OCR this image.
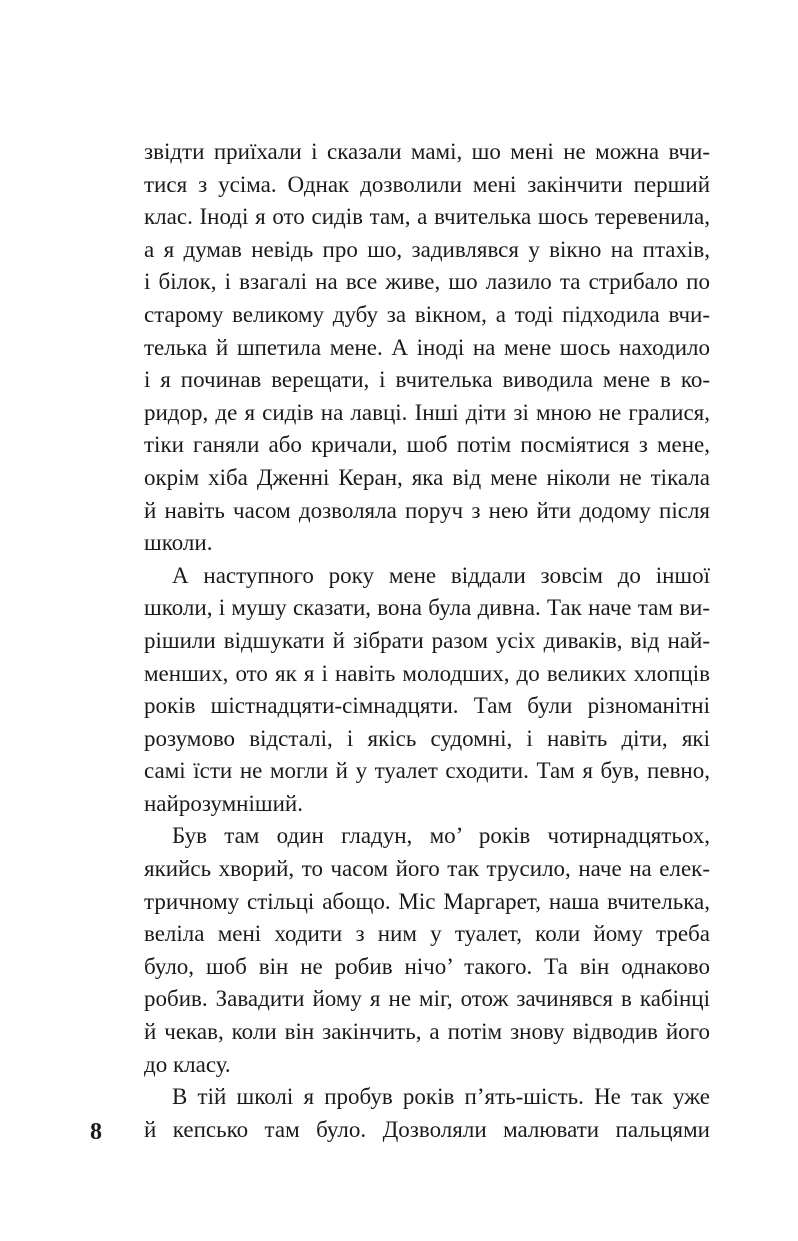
звідти приїхали і сказали мамі, шо мені не можна вчи-
тися з усіма. Однак дозволили мені закінчити перший
клас. Іноді я ото сидів там, а вчителька шось теревенила,
а я думав невідь про шо, задивлявся у вікно на птахів,
і білок, і взагалі на все живе, шо лазило та стрибало по
старому великому дубу за вікном, а тоді підходила вчи-
телька й шпетила мене. А іноді на мене шось находило
і я починав верещати, і вчителька виводила мене в ко-
ридор, де я сидів на лавці. Інші діти зі мною не гралися,
тіки ганяли або кричали, шоб потім посміятися з мене,
окрім хіба Дженні Керан, яка від мене ніколи не тікала
й навіть часом дозволяла поруч з нею йти додому після
школи.
А наступного року мене віддали зовсім до іншої
школи, і мушу сказати, вона була дивна. Так наче там ви-
рішили відшукати й зібрати разом усіх диваків, від най-
менших, ото як я і навіть молодших, до великих хлопців
років шістнадцяти-сімнадцяти. Там були різноманітні
розумово відсталі, і якісь судомні, і навіть діти, які
самі їсти не могли й у туалет сходити. Там я був, певно,
найрозумніший.
Був там один гладун, мо’ років чотирнадцятьох,
якийсь хворий, то часом його так трусило, наче на елек-
тричному стільці абощо. Міс Маргарет, наша вчителька,
веліла мені ходити з ним у туалет, коли йому треба
було, шоб він не робив нічо’ такого. Та він однаково
робив. Завадити йому я не міг, отож зачинявся в кабінці
й чекав, коли він закінчить, а потім знову відводив його
до класу.
В тій школі я пробув років п’ять-шість. Не так уже
й кепсько там було. Дозволяли малювати пальцями
8
